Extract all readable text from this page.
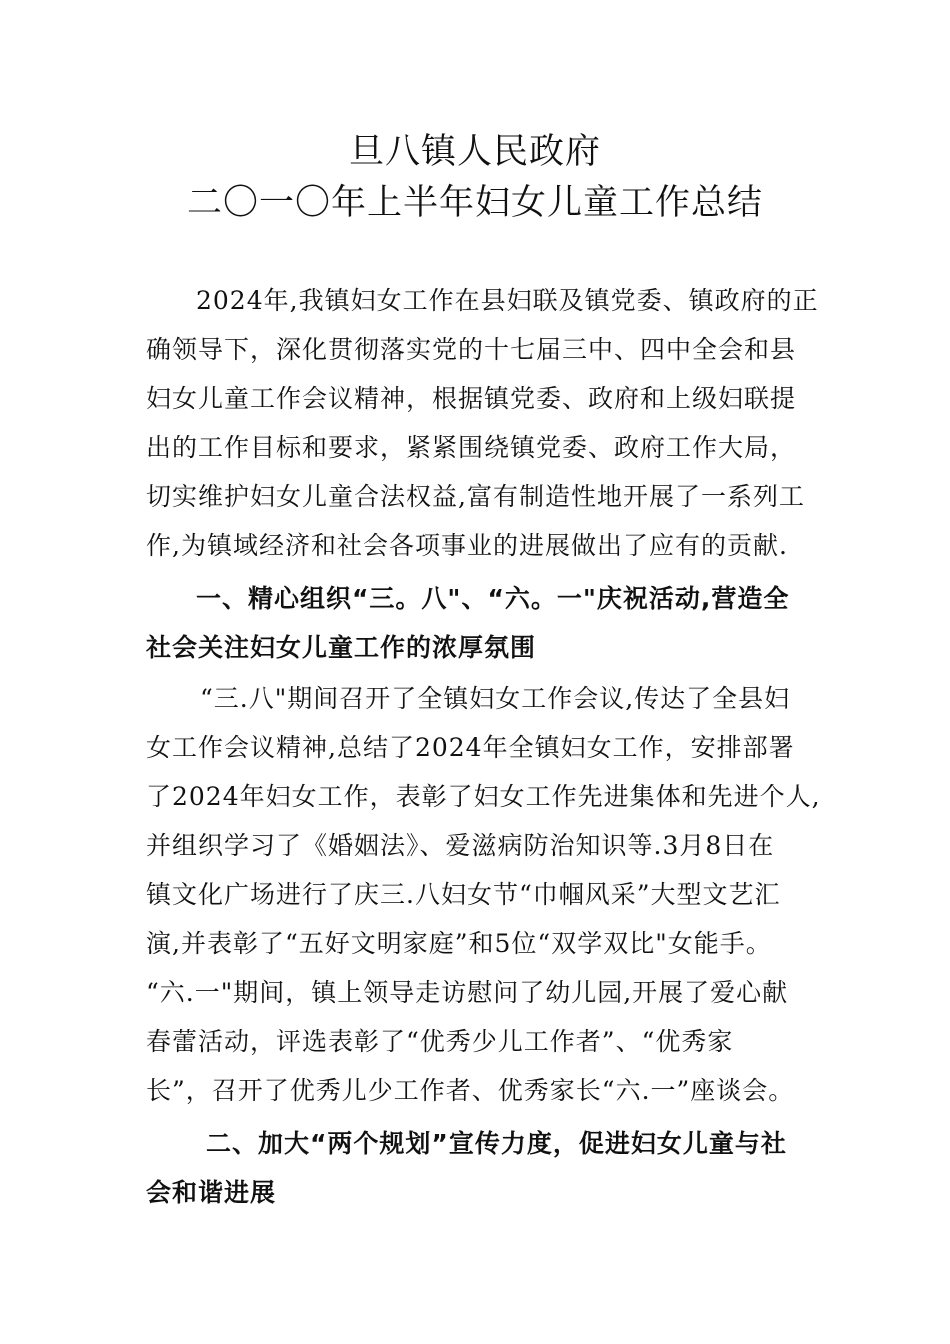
旦八镇人民政府
二〇一〇年上半年妇女儿童工作总结
2024年,我镇妇女工作在县妇联及镇党委、镇政府的正
确领导下，深化贯彻落实党的十七届三中、四中全会和县
妇女儿童工作会议精神，根据镇党委、政府和上级妇联提
出的工作目标和要求，紧紧围绕镇党委、政府工作大局，
切实维护妇女儿童合法权益,富有制造性地开展了一系列工
作,为镇域经济和社会各项事业的进展做出了应有的贡献.
一、精心组织“三。八"、“六。一"庆祝活动,营造全
社会关注妇女儿童工作的浓厚氛围
“三.八"期间召开了全镇妇女工作会议,传达了全县妇
女工作会议精神,总结了2024年全镇妇女工作，安排部署
了2024年妇女工作，表彰了妇女工作先进集体和先进个人,
并组织学习了《婚姻法》、爱滋病防治知识等.3月8日在
镇文化广场进行了庆三.八妇女节“巾帼风采”大型文艺汇
演,并表彰了“五好文明家庭”和5位“双学双比"女能手。
“六.一"期间，镇上领导走访慰问了幼儿园,开展了爱心献
春蕾活动，评选表彰了“优秀少儿工作者”、“优秀家
长”，召开了优秀儿少工作者、优秀家长“六.一”座谈会。
二、加大“两个规划”宣传力度，促进妇女儿童与社
会和谐进展
